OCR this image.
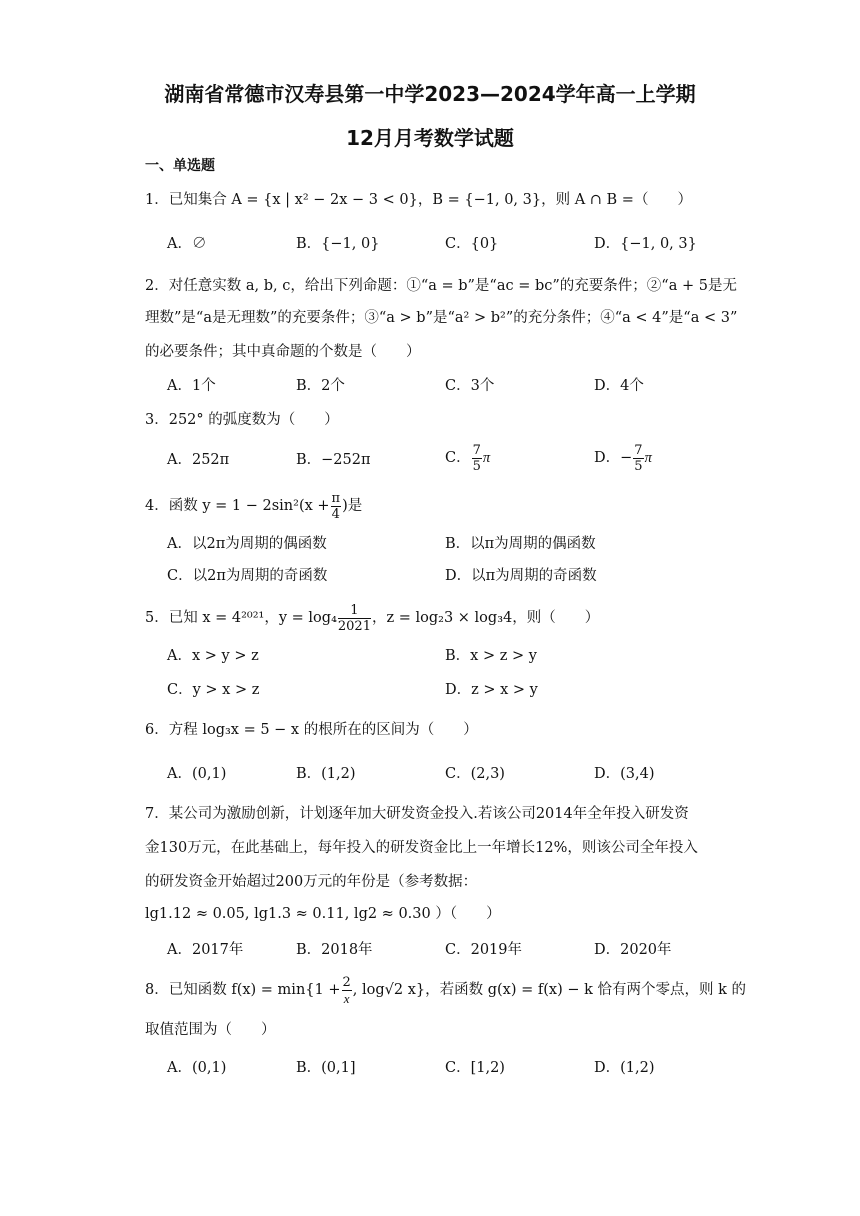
湖南省常德市汉寿县第一中学2023—2024学年高一上学期
12月月考数学试题
一、单选题
1．已知集合 A = {x | x² − 2x − 3 < 0}，B = {−1, 0, 3}，则 A ∩ B =（　　）
A．∅	B．{−1, 0}	C．{0}	D．{−1, 0, 3}
2．对任意实数 a, b, c，给出下列命题：①“a = b”是“ac = bc”的充要条件；②“a + 5是无
理数”是“a是无理数”的充要条件；③“a > b”是“a² > b²”的充分条件；④“a < 4”是“a < 3”
的必要条件；其中真命题的个数是（　　）
A．1个	B．2个	C．3个	D．4个
3．252° 的弧度数为（　　）
A．252π	B．−252π	C． $\frac{7}{5}$ π	D．− $\frac{7}{5}$ π
4．函数 $y = 1 - 2\sin^2(x + \frac{\pi}{4}$ )是
A．以2π为周期的偶函数	B．以π为周期的偶函数
C．以2π为周期的奇函数	D．以π为周期的奇函数
5．已知 x = 4²⁰²¹，$y = \log_4 \frac{1}{2021}$ ，z = log₂3 × log₃4，则（　　）
A．x > y > z	B．x > z > y
C．y > x > z	D．z > x > y
6．方程 log₃x = 5 − x 的根所在的区间为（　　）
A．(0,1)	B．(1,2)	C．(2,3)	D．(3,4)
7．某公司为激励创新，计划逐年加大研发资金投入.若该公司2014年全年投入研发资
金130万元，在此基础上，每年投入的研发资金比上一年增长12%，则该公司全年投入
的研发资金开始超过200万元的年份是（参考数据：
lg1.12 ≈ 0.05, lg1.3 ≈ 0.11, lg2 ≈ 0.30 ）（　　）
A．2017年	B．2018年	C．2019年	D．2020年
8．已知函数 $f(x) = \min\{1 + \frac{2}{x}$ , log√2 x}，若函数 g(x) = f(x) − k 恰有两个零点，则 k 的
取值范围为（　　）
A．(0,1)	B．(0,1]	C．[1,2)	D．(1,2)
